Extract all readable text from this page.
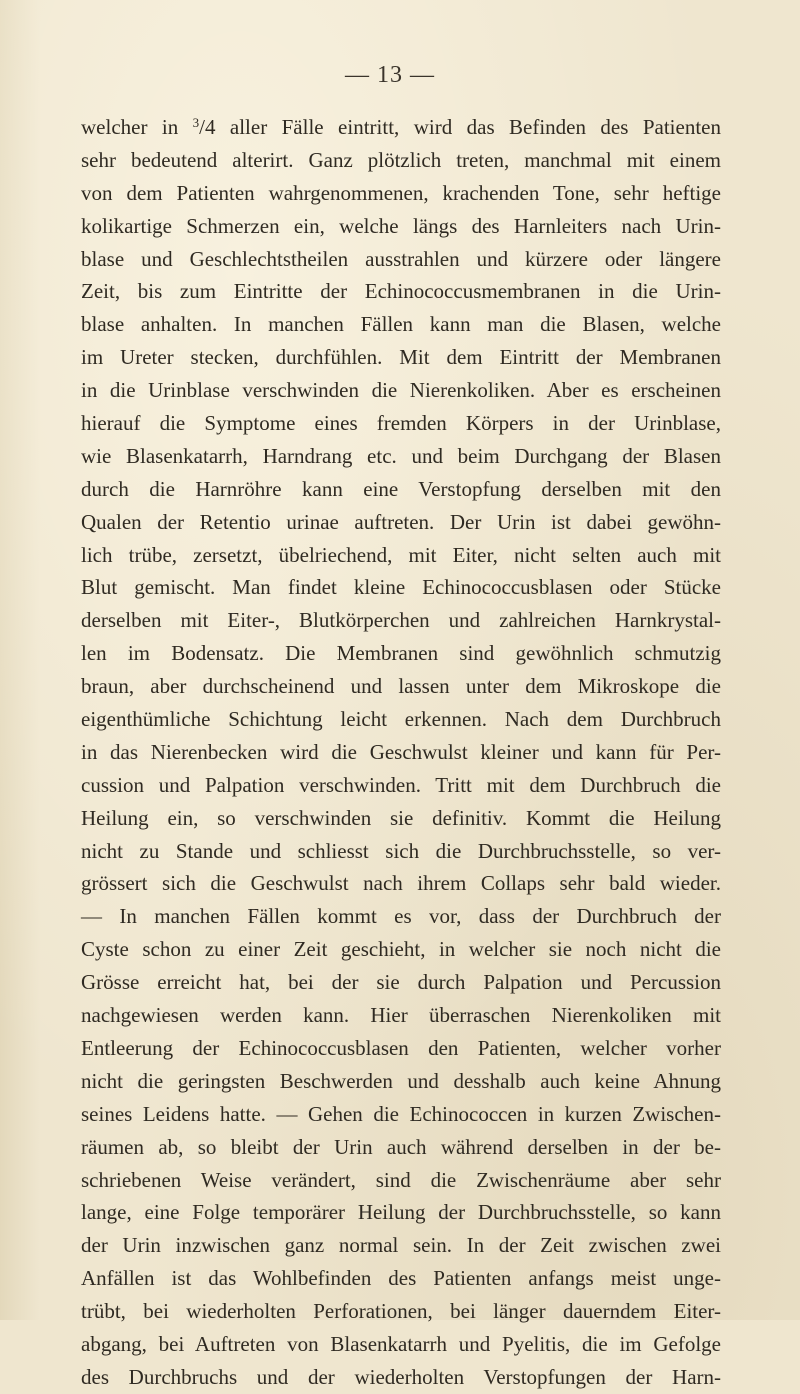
— 13 —
welcher in $^3$/4 aller Fälle eintritt, wird das Befinden des Patienten
sehr bedeutend alterirt. Ganz plötzlich treten, manchmal mit einem
von dem Patienten wahrgenommenen, krachenden Tone, sehr heftige
kolikartige Schmerzen ein, welche längs des Harnleiters nach Urin-
blase und Geschlechtstheilen ausstrahlen und kürzere oder längere
Zeit, bis zum Eintritte der Echinococcusmembranen in die Urin-
blase anhalten. In manchen Fällen kann man die Blasen, welche
im Ureter stecken, durchfühlen. Mit dem Eintritt der Membranen
in die Urinblase verschwinden die Nierenkoliken. Aber es erscheinen
hierauf die Symptome eines fremden Körpers in der Urinblase,
wie Blasenkatarrh, Harndrang etc. und beim Durchgang der Blasen
durch die Harnröhre kann eine Verstopfung derselben mit den
Qualen der Retentio urinae auftreten. Der Urin ist dabei gewöhn-
lich trübe, zersetzt, übelriechend, mit Eiter, nicht selten auch mit
Blut gemischt. Man findet kleine Echinococcusblasen oder Stücke
derselben mit Eiter-, Blutkörperchen und zahlreichen Harnkrystal-
len im Bodensatz. Die Membranen sind gewöhnlich schmutzig
braun, aber durchscheinend und lassen unter dem Mikroskope die
eigenthümliche Schichtung leicht erkennen. Nach dem Durchbruch
in das Nierenbecken wird die Geschwulst kleiner und kann für Per-
cussion und Palpation verschwinden. Tritt mit dem Durchbruch die
Heilung ein, so verschwinden sie definitiv. Kommt die Heilung
nicht zu Stande und schliesst sich die Durchbruchsstelle, so ver-
grössert sich die Geschwulst nach ihrem Collaps sehr bald wieder.
— In manchen Fällen kommt es vor, dass der Durchbruch der
Cyste schon zu einer Zeit geschieht, in welcher sie noch nicht die
Grösse erreicht hat, bei der sie durch Palpation und Percussion
nachgewiesen werden kann. Hier überraschen Nierenkoliken mit
Entleerung der Echinococcusblasen den Patienten, welcher vorher
nicht die geringsten Beschwerden und desshalb auch keine Ahnung
seines Leidens hatte. — Gehen die Echinococcen in kurzen Zwischen-
räumen ab, so bleibt der Urin auch während derselben in der be-
schriebenen Weise verändert, sind die Zwischenräume aber sehr
lange, eine Folge temporärer Heilung der Durchbruchsstelle, so kann
der Urin inzwischen ganz normal sein. In der Zeit zwischen zwei
Anfällen ist das Wohlbefinden des Patienten anfangs meist unge-
trübt, bei wiederholten Perforationen, bei länger dauerndem Eiter-
abgang, bei Auftreten von Blasenkatarrh und Pyelitis, die im Gefolge
des Durchbruchs und der wiederholten Verstopfungen der Harn-
